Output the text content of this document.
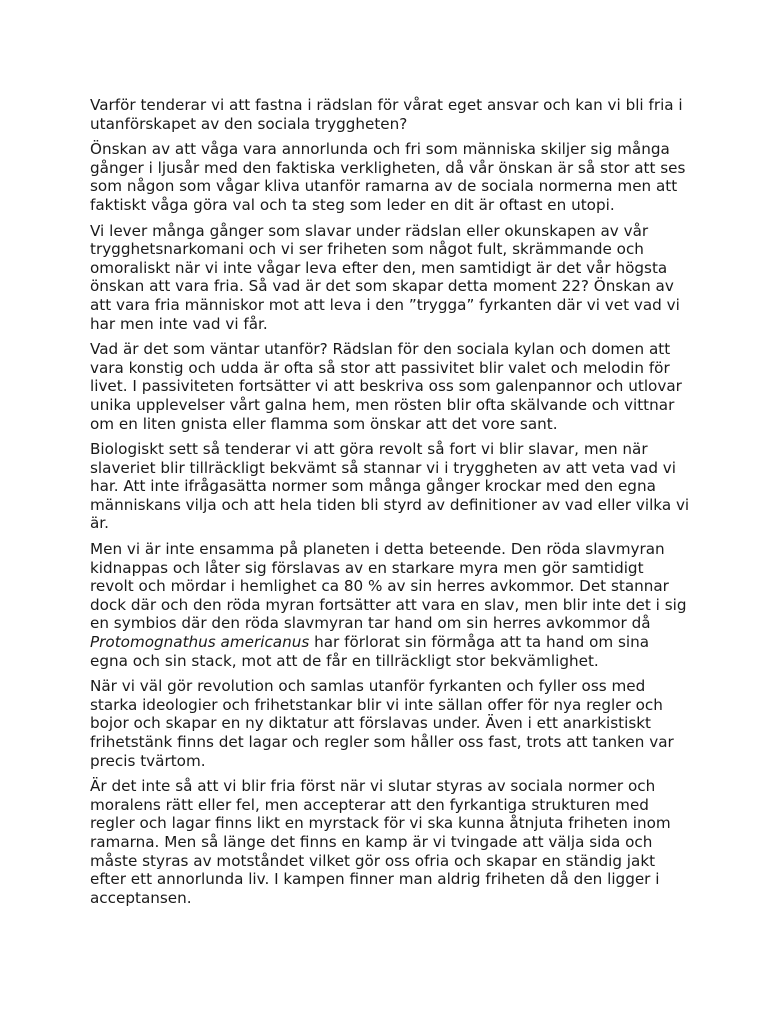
Varför tenderar vi att fastna i rädslan för vårat eget ansvar och kan vi bli fria i utanförskapet av den sociala tryggheten?

Önskan av att våga vara annorlunda och fri som människa skiljer sig många gånger i ljusår med den faktiska verkligheten, då vår önskan är så stor att ses som någon som vågar kliva utanför ramarna av de sociala normerna men att faktiskt våga göra val och ta steg som leder en dit är oftast en utopi.

Vi lever många gånger som slavar under rädslan eller okunskapen av vår trygghetsnarkomani och vi ser friheten som något fult, skrämmande och omoraliskt när vi inte vågar leva efter den, men samtidigt är det vår högsta önskan att vara fria. Så vad är det som skapar detta moment 22? Önskan av att vara fria människor mot att leva i den ”trygga” fyrkanten där vi vet vad vi har men inte vad vi får.

Vad är det som väntar utanför? Rädslan för den sociala kylan och domen att vara konstig och udda är ofta så stor att passivitet blir valet och melodin för livet. I passiviteten fortsätter vi att beskriva oss som galenpannor och utlovar unika upplevelser vårt galna hem, men rösten blir ofta skälvande och vittnar om en liten gnista eller flamma som önskar att det vore sant.

Biologiskt sett så tenderar vi att göra revolt så fort vi blir slavar, men när slaveriet blir tillräckligt bekvämt så stannar vi i tryggheten av att veta vad vi har. Att inte ifrågasätta normer som många gånger krockar med den egna människans vilja och att hela tiden bli styrd av definitioner av vad eller vilka vi är.

Men vi är inte ensamma på planeten i detta beteende. Den röda slavmyran kidnappas och låter sig förslavas av en starkare myra men gör samtidigt revolt och mördar i hemlighet ca 80 % av sin herres avkommor. Det stannar dock där och den röda myran fortsätter att vara en slav, men blir inte det i sig en symbios där den röda slavmyran tar hand om sin herres avkommor då Protomognathus americanus har förlorat sin förmåga att ta hand om sina egna och sin stack, mot att de får en tillräckligt stor bekvämlighet.

När vi väl gör revolution och samlas utanför fyrkanten och fyller oss med starka ideologier och frihetstankar blir vi inte sällan offer för nya regler och bojor och skapar en ny diktatur att förslavas under. Även i ett anarkistiskt frihetstänk finns det lagar och regler som håller oss fast, trots att tanken var precis tvärtom.

Är det inte så att vi blir fria först när vi slutar styras av sociala normer och moralens rätt eller fel, men accepterar att den fyrkantiga strukturen med regler och lagar finns likt en myrstack för vi ska kunna åtnjuta friheten inom ramarna. Men så länge det finns en kamp är vi tvingade att välja sida och måste styras av motståndet vilket gör oss ofria och skapar en ständig jakt efter ett annorlunda liv. I kampen finner man aldrig friheten då den ligger i acceptansen.
